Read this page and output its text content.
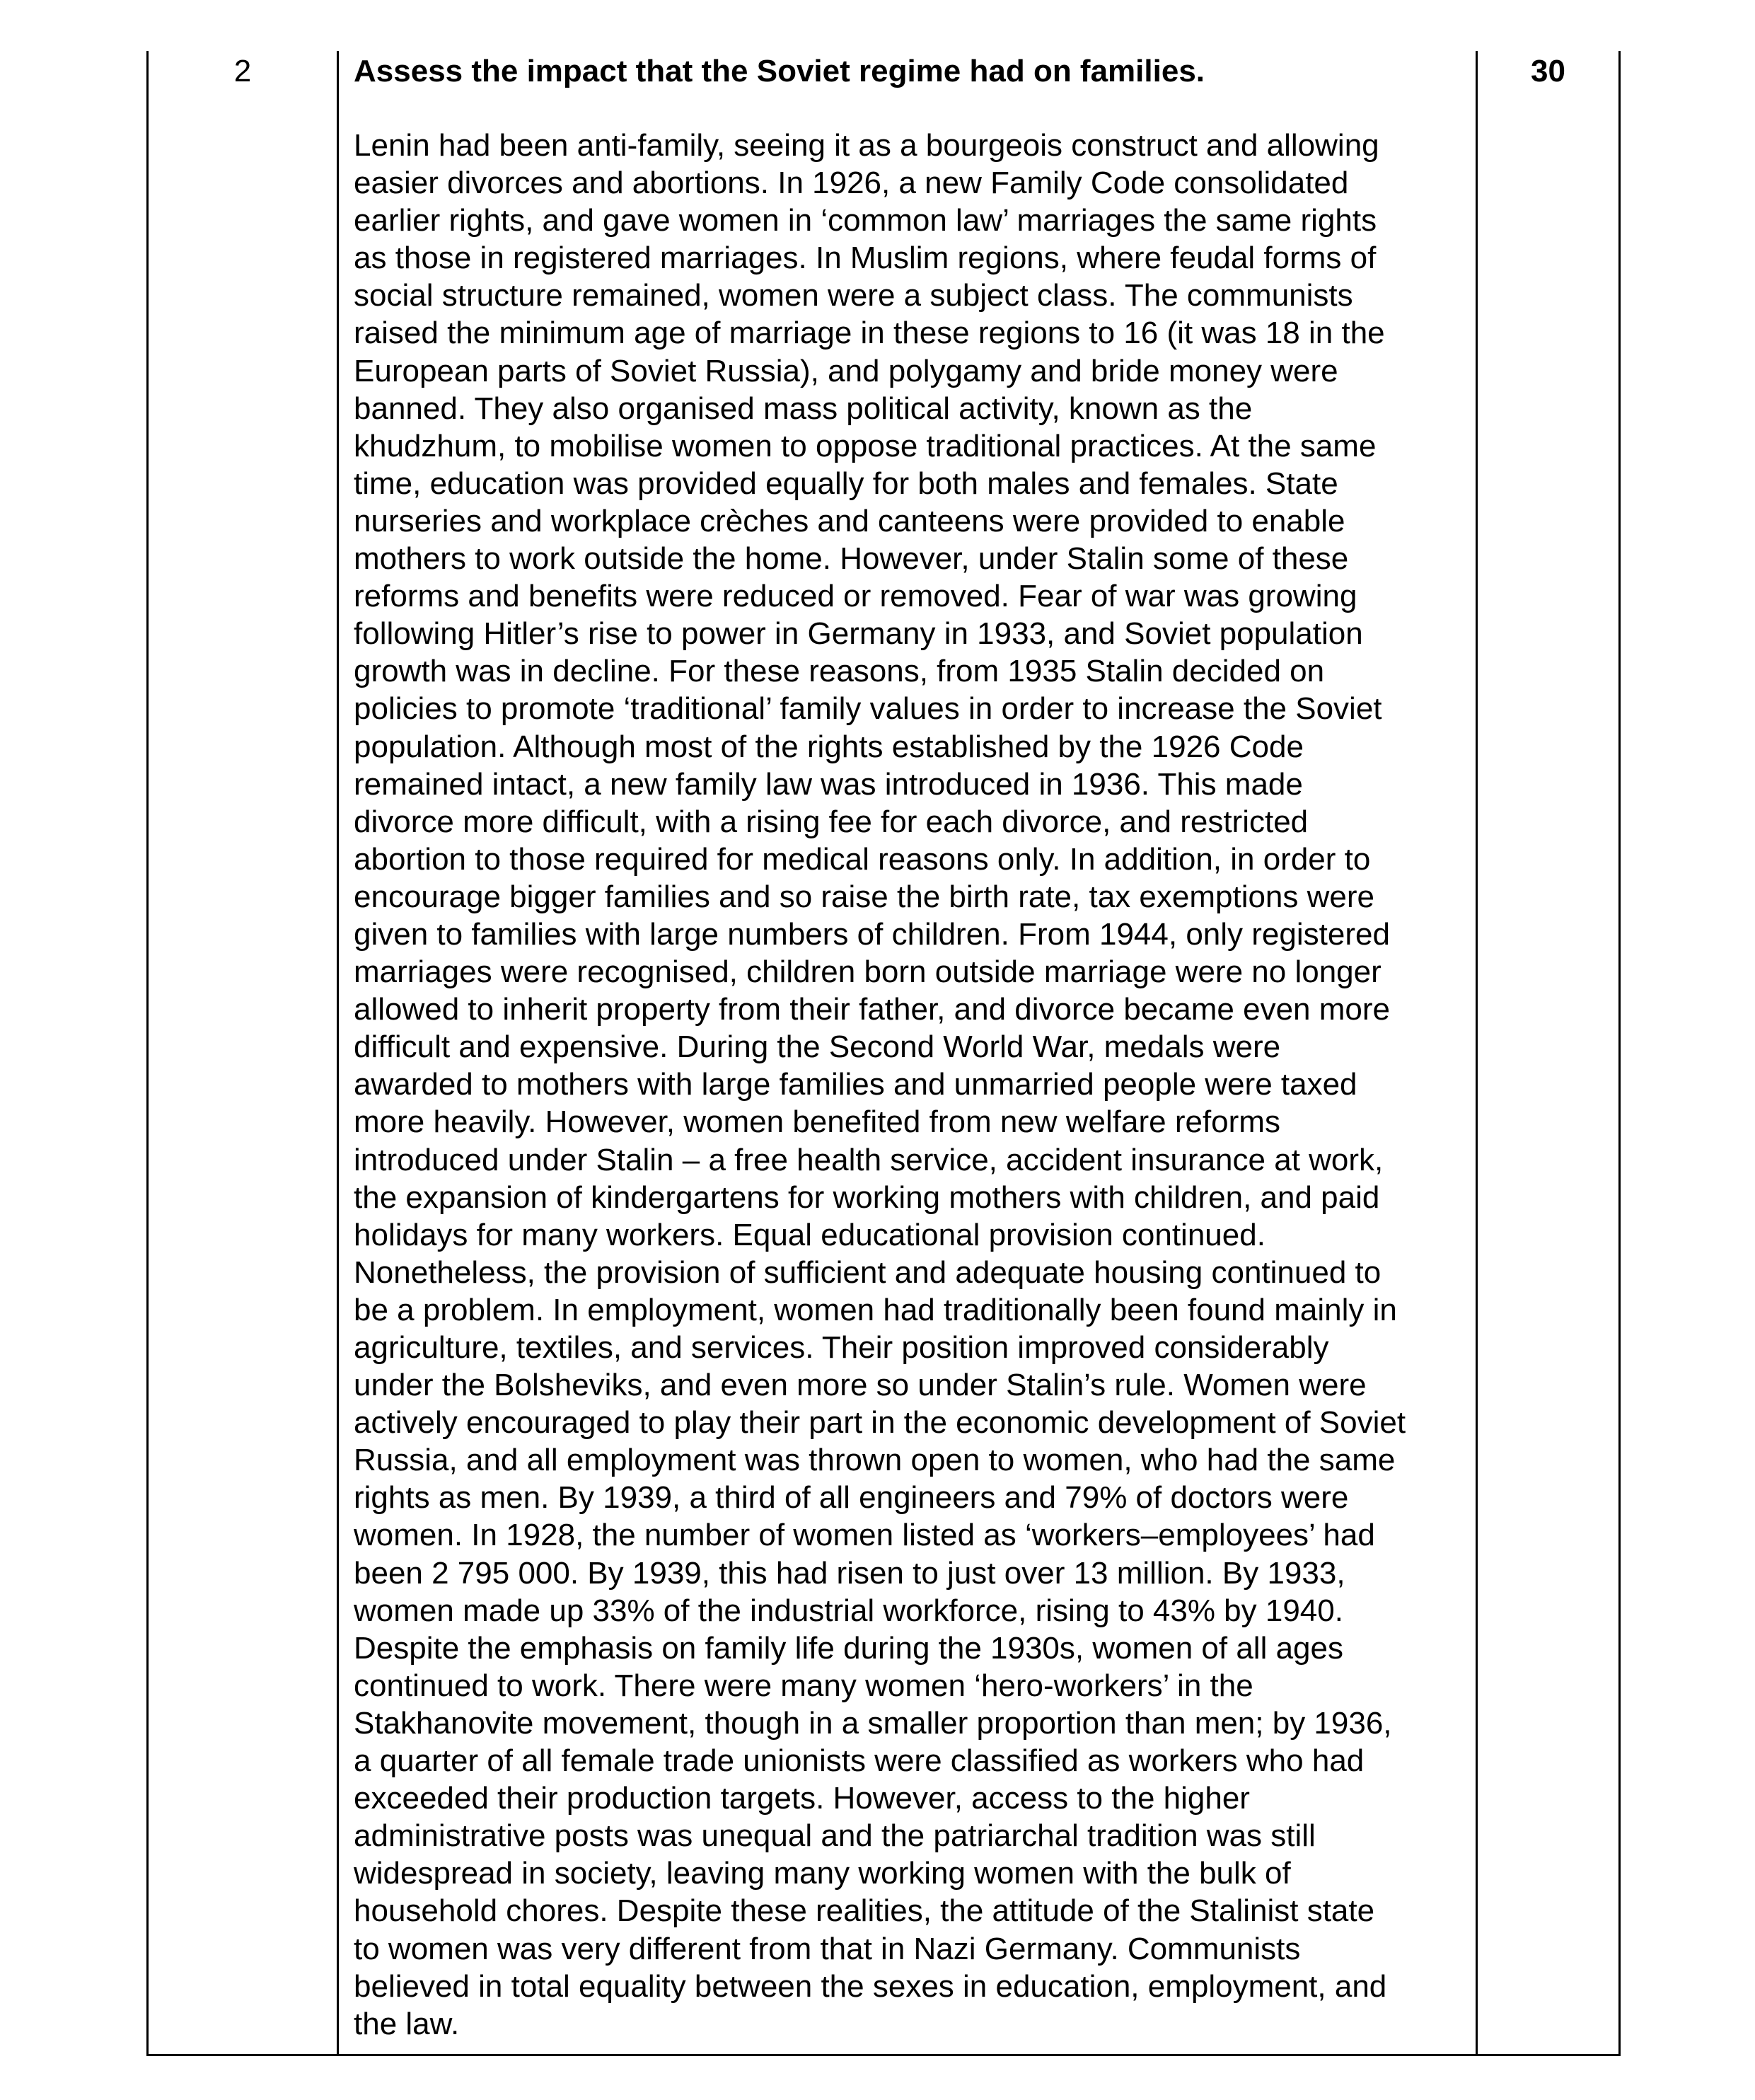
2	Assess the impact that the Soviet regime had on families.

Lenin had been anti-family, seeing it as a bourgeois construct and allowing
easier divorces and abortions. In 1926, a new Family Code consolidated
earlier rights, and gave women in ‘common law’ marriages the same rights
as those in registered marriages. In Muslim regions, where feudal forms of
social structure remained, women were a subject class. The communists
raised the minimum age of marriage in these regions to 16 (it was 18 in the
European parts of Soviet Russia), and polygamy and bride money were
banned. They also organised mass political activity, known as the
khudzhum, to mobilise women to oppose traditional practices. At the same
time, education was provided equally for both males and females. State
nurseries and workplace crèches and canteens were provided to enable
mothers to work outside the home. However, under Stalin some of these
reforms and benefits were reduced or removed. Fear of war was growing
following Hitler’s rise to power in Germany in 1933, and Soviet population
growth was in decline. For these reasons, from 1935 Stalin decided on
policies to promote ‘traditional’ family values in order to increase the Soviet
population. Although most of the rights established by the 1926 Code
remained intact, a new family law was introduced in 1936. This made
divorce more difficult, with a rising fee for each divorce, and restricted
abortion to those required for medical reasons only. In addition, in order to
encourage bigger families and so raise the birth rate, tax exemptions were
given to families with large numbers of children. From 1944, only registered
marriages were recognised, children born outside marriage were no longer
allowed to inherit property from their father, and divorce became even more
difficult and expensive. During the Second World War, medals were
awarded to mothers with large families and unmarried people were taxed
more heavily. However, women benefited from new welfare reforms
introduced under Stalin – a free health service, accident insurance at work,
the expansion of kindergartens for working mothers with children, and paid
holidays for many workers. Equal educational provision continued.
Nonetheless, the provision of sufficient and adequate housing continued to
be a problem. In employment, women had traditionally been found mainly in
agriculture, textiles, and services. Their position improved considerably
under the Bolsheviks, and even more so under Stalin’s rule. Women were
actively encouraged to play their part in the economic development of Soviet
Russia, and all employment was thrown open to women, who had the same
rights as men. By 1939, a third of all engineers and 79% of doctors were
women. In 1928, the number of women listed as ‘workers–employees’ had
been 2 795 000. By 1939, this had risen to just over 13 million. By 1933,
women made up 33% of the industrial workforce, rising to 43% by 1940.
Despite the emphasis on family life during the 1930s, women of all ages
continued to work. There were many women ‘hero-workers’ in the
Stakhanovite movement, though in a smaller proportion than men; by 1936,
a quarter of all female trade unionists were classified as workers who had
exceeded their production targets. However, access to the higher
administrative posts was unequal and the patriarchal tradition was still
widespread in society, leaving many working women with the bulk of
household chores. Despite these realities, the attitude of the Stalinist state
to women was very different from that in Nazi Germany. Communists
believed in total equality between the sexes in education, employment, and
the law.
30
